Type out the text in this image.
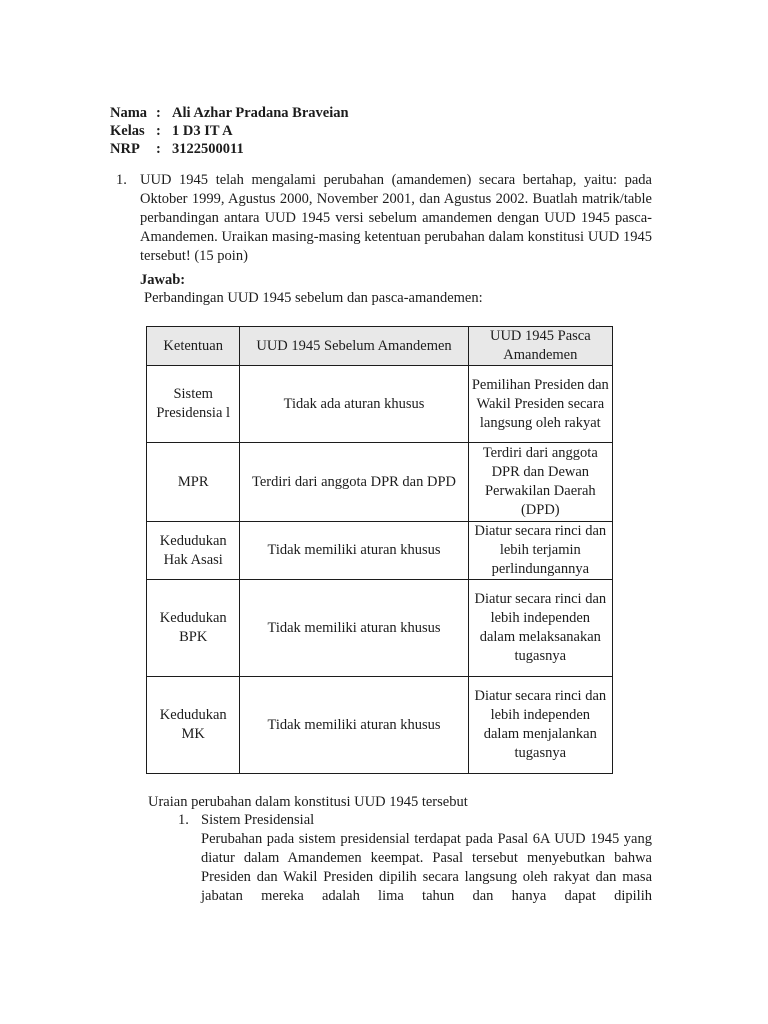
Nama : Ali Azhar Pradana Braveian
Kelas : 1 D3 IT A
NRP	: 3122500011
1. UUD 1945 telah mengalami perubahan (amandemen) secara bertahap, yaitu: pada Oktober 1999, Agustus 2000, November 2001, dan Agustus 2002. Buatlah matrik/table perbandingan antara UUD 1945 versi sebelum amandemen dengan UUD 1945 pasca-Amandemen. Uraikan masing-masing ketentuan perubahan dalam konstitusi UUD 1945 tersebut! (15 poin)
Jawab:
Perbandingan UUD 1945 sebelum dan pasca-amandemen:
Ketentuan	UUD 1945 Sebelum Amandemen	UUD 1945 Pasca Amandemen
Sistem Presidensia l	Tidak ada aturan khusus	Pemilihan Presiden dan Wakil Presiden secara langsung oleh rakyat
MPR	Terdiri dari anggota DPR dan DPD	Terdiri dari anggota DPR dan Dewan Perwakilan Daerah (DPD)
Kedudukan Hak Asasi	Tidak memiliki aturan khusus	Diatur secara rinci dan lebih terjamin perlindungannya
Kedudukan BPK	Tidak memiliki aturan khusus	Diatur secara rinci dan lebih independen dalam melaksanakan tugasnya
Kedudukan MK	Tidak memiliki aturan khusus	Diatur secara rinci dan lebih independen dalam menjalankan tugasnya
Uraian perubahan dalam konstitusi UUD 1945 tersebut
1. Sistem Presidensial
Perubahan pada sistem presidensial terdapat pada Pasal 6A UUD 1945 yang diatur dalam Amandemen keempat. Pasal tersebut menyebutkan bahwa Presiden dan Wakil Presiden dipilih secara langsung oleh rakyat dan masa jabatan mereka adalah lima tahun dan hanya dapat dipilih
